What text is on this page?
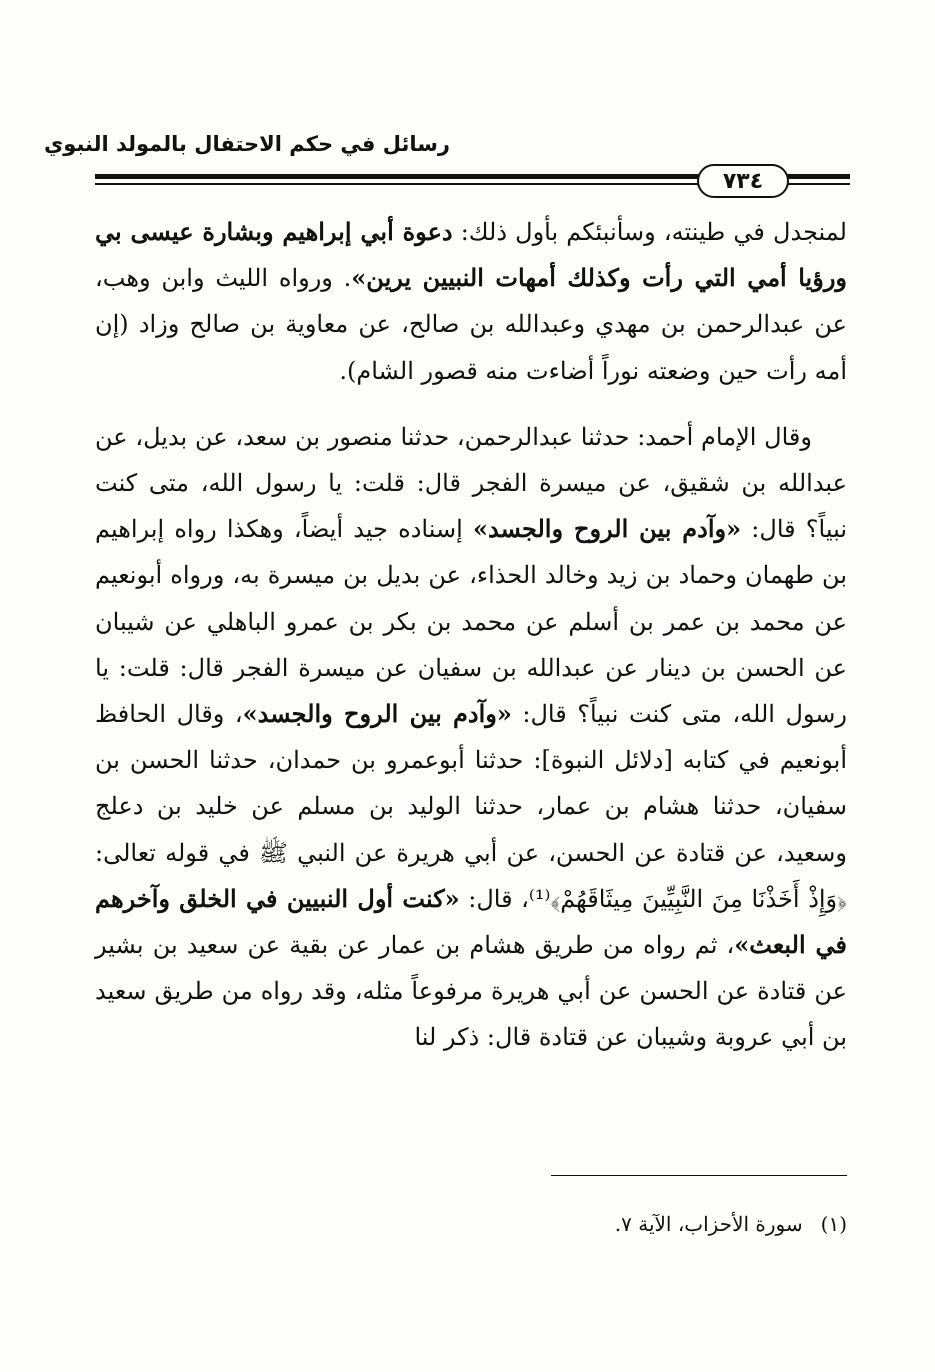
رسائل في حكم الاحتفال بالمولد النبوي
٧٣٤

لمنجدل في طينته، وسأنبئكم بأول ذلك: دعوة أبي إبراهيم وبشارة عيسى بي ورؤيا أمي التي رأت وكذلك أمهات النبيين يرين». ورواه الليث وابن وهب، عن عبدالرحمن بن مهدي وعبدالله بن صالح، عن معاوية بن صالح وزاد (إن أمه رأت حين وضعته نوراً أضاءت منه قصور الشام).

وقال الإمام أحمد: حدثنا عبدالرحمن، حدثنا منصور بن سعد، عن بديل، عن عبدالله بن شقيق، عن ميسرة الفجر قال: قلت: يا رسول الله، متى كنت نبياً؟ قال: «وآدم بين الروح والجسد» إسناده جيد أيضاً، وهكذا رواه إبراهيم بن طهمان وحماد بن زيد وخالد الحذاء، عن بديل بن ميسرة به، ورواه أبونعيم عن محمد بن عمر بن أسلم عن محمد بن بكر بن عمرو الباهلي عن شيبان عن الحسن بن دينار عن عبدالله بن سفيان عن ميسرة الفجر قال: قلت: يا رسول الله، متى كنت نبياً؟ قال: «وآدم بين الروح والجسد»، وقال الحافظ أبونعيم في كتابه [دلائل النبوة]: حدثنا أبوعمرو بن حمدان، حدثنا الحسن بن سفيان، حدثنا هشام بن عمار، حدثنا الوليد بن مسلم عن خليد بن دعلج وسعيد، عن قتادة عن الحسن، عن أبي هريرة عن النبي ﷺ في قوله تعالى: ﴿وَإِذْ أَخَذْنَا مِنَ النَّبِيِّينَ مِيثَاقَهُمْ﴾⁽¹⁾، قال: «كنت أول النبيين في الخلق وآخرهم في البعث»، ثم رواه من طريق هشام بن عمار عن بقية عن سعيد بن بشير عن قتادة عن الحسن عن أبي هريرة مرفوعاً مثله، وقد رواه من طريق سعيد بن أبي عروبة وشيبان عن قتادة قال: ذكر لنا

(١)سورة الأحزاب، الآية ٧.
